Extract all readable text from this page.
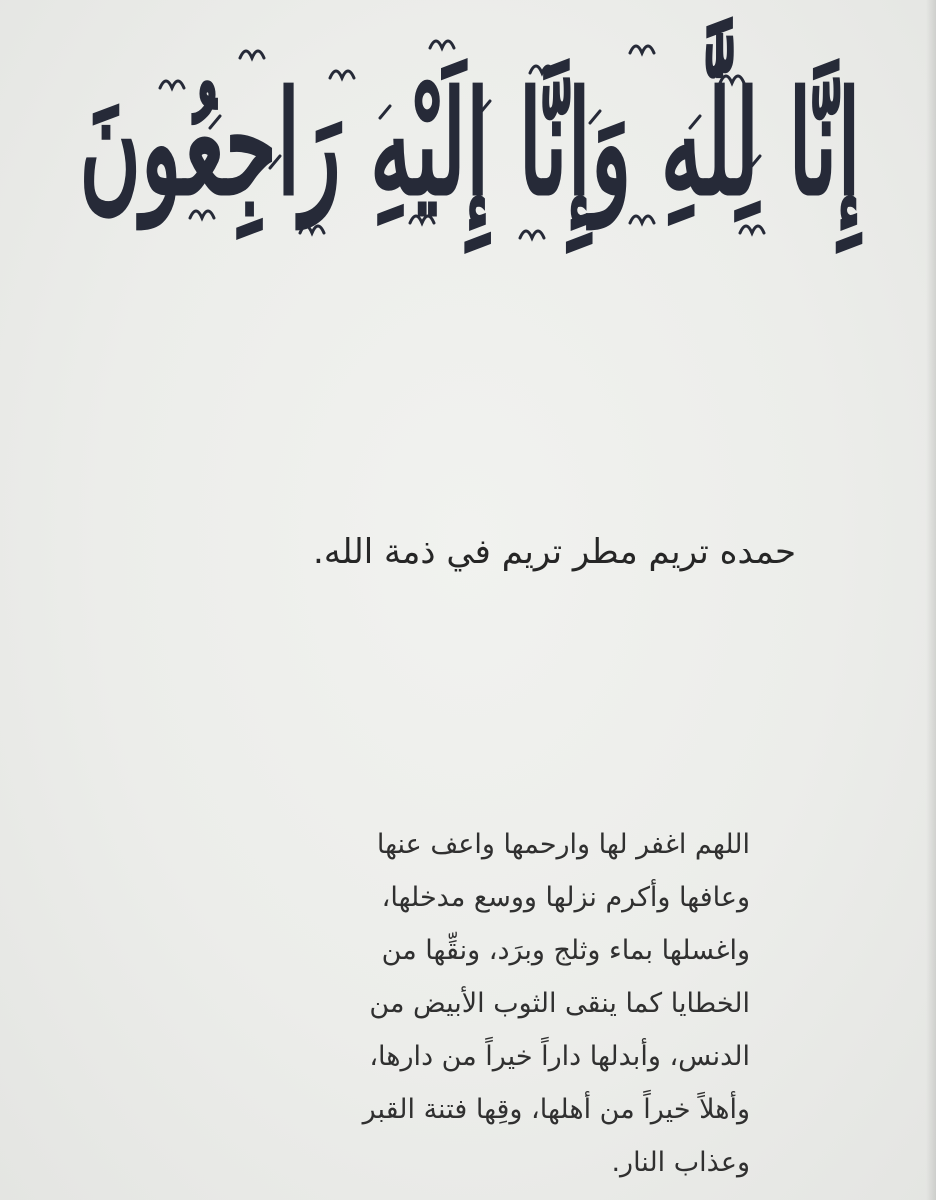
إِنَّا لِلَّٰهِ وَإِنَّا إِلَيْهِ رَاجِعُونَ
حمده تريم مطر تريم في ذمة الله.
اللهم اغفر لها وارحمها واعف عنها
وعافها وأكرم نزلها ووسع مدخلها،
واغسلها بماء وثلج وبرَد، ونقِّها من
الخطايا كما ينقى الثوب الأبيض من
الدنس، وأبدلها داراً خيراً من دارها،
وأهلاً خيراً من أهلها، وقِها فتنة القبر
وعذاب النار.
